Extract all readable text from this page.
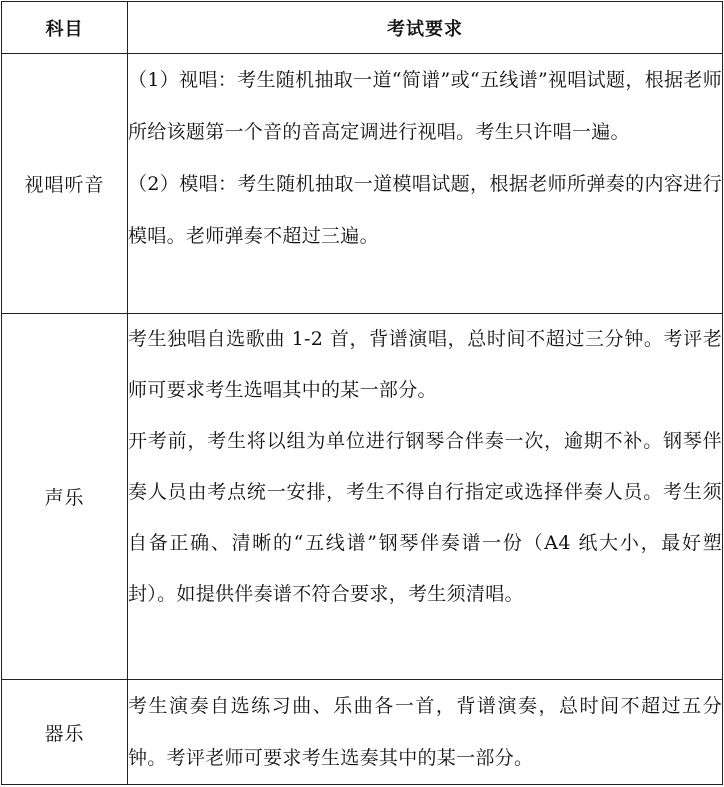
科目	考试要求
视唱听音	（1）视唱：考生随机抽取一道“简谱”或“五线谱”视唱试题，根据老师所给该题第一个音的音高定调进行视唱。考生只许唱一遍。

（2）模唱：考生随机抽取一道模唱试题，根据老师所弹奏的内容进行模唱。老师弹奏不超过三遍。

声乐	考生独唱自选歌曲 1-2 首，背谱演唱，总时间不超过三分钟。考评老师可要求考生选唱其中的某一部分。

开考前，考生将以组为单位进行钢琴合伴奏一次，逾期不补。钢琴伴奏人员由考点统一安排，考生不得自行指定或选择伴奏人员。考生须自备正确、清晰的“五线谱”钢琴伴奏谱一份（A4 纸大小，最好塑封）。如提供伴奏谱不符合要求，考生须清唱。

器乐	考生演奏自选练习曲、乐曲各一首，背谱演奏，总时间不超过五分钟。考评老师可要求考生选奏其中的某一部分。
